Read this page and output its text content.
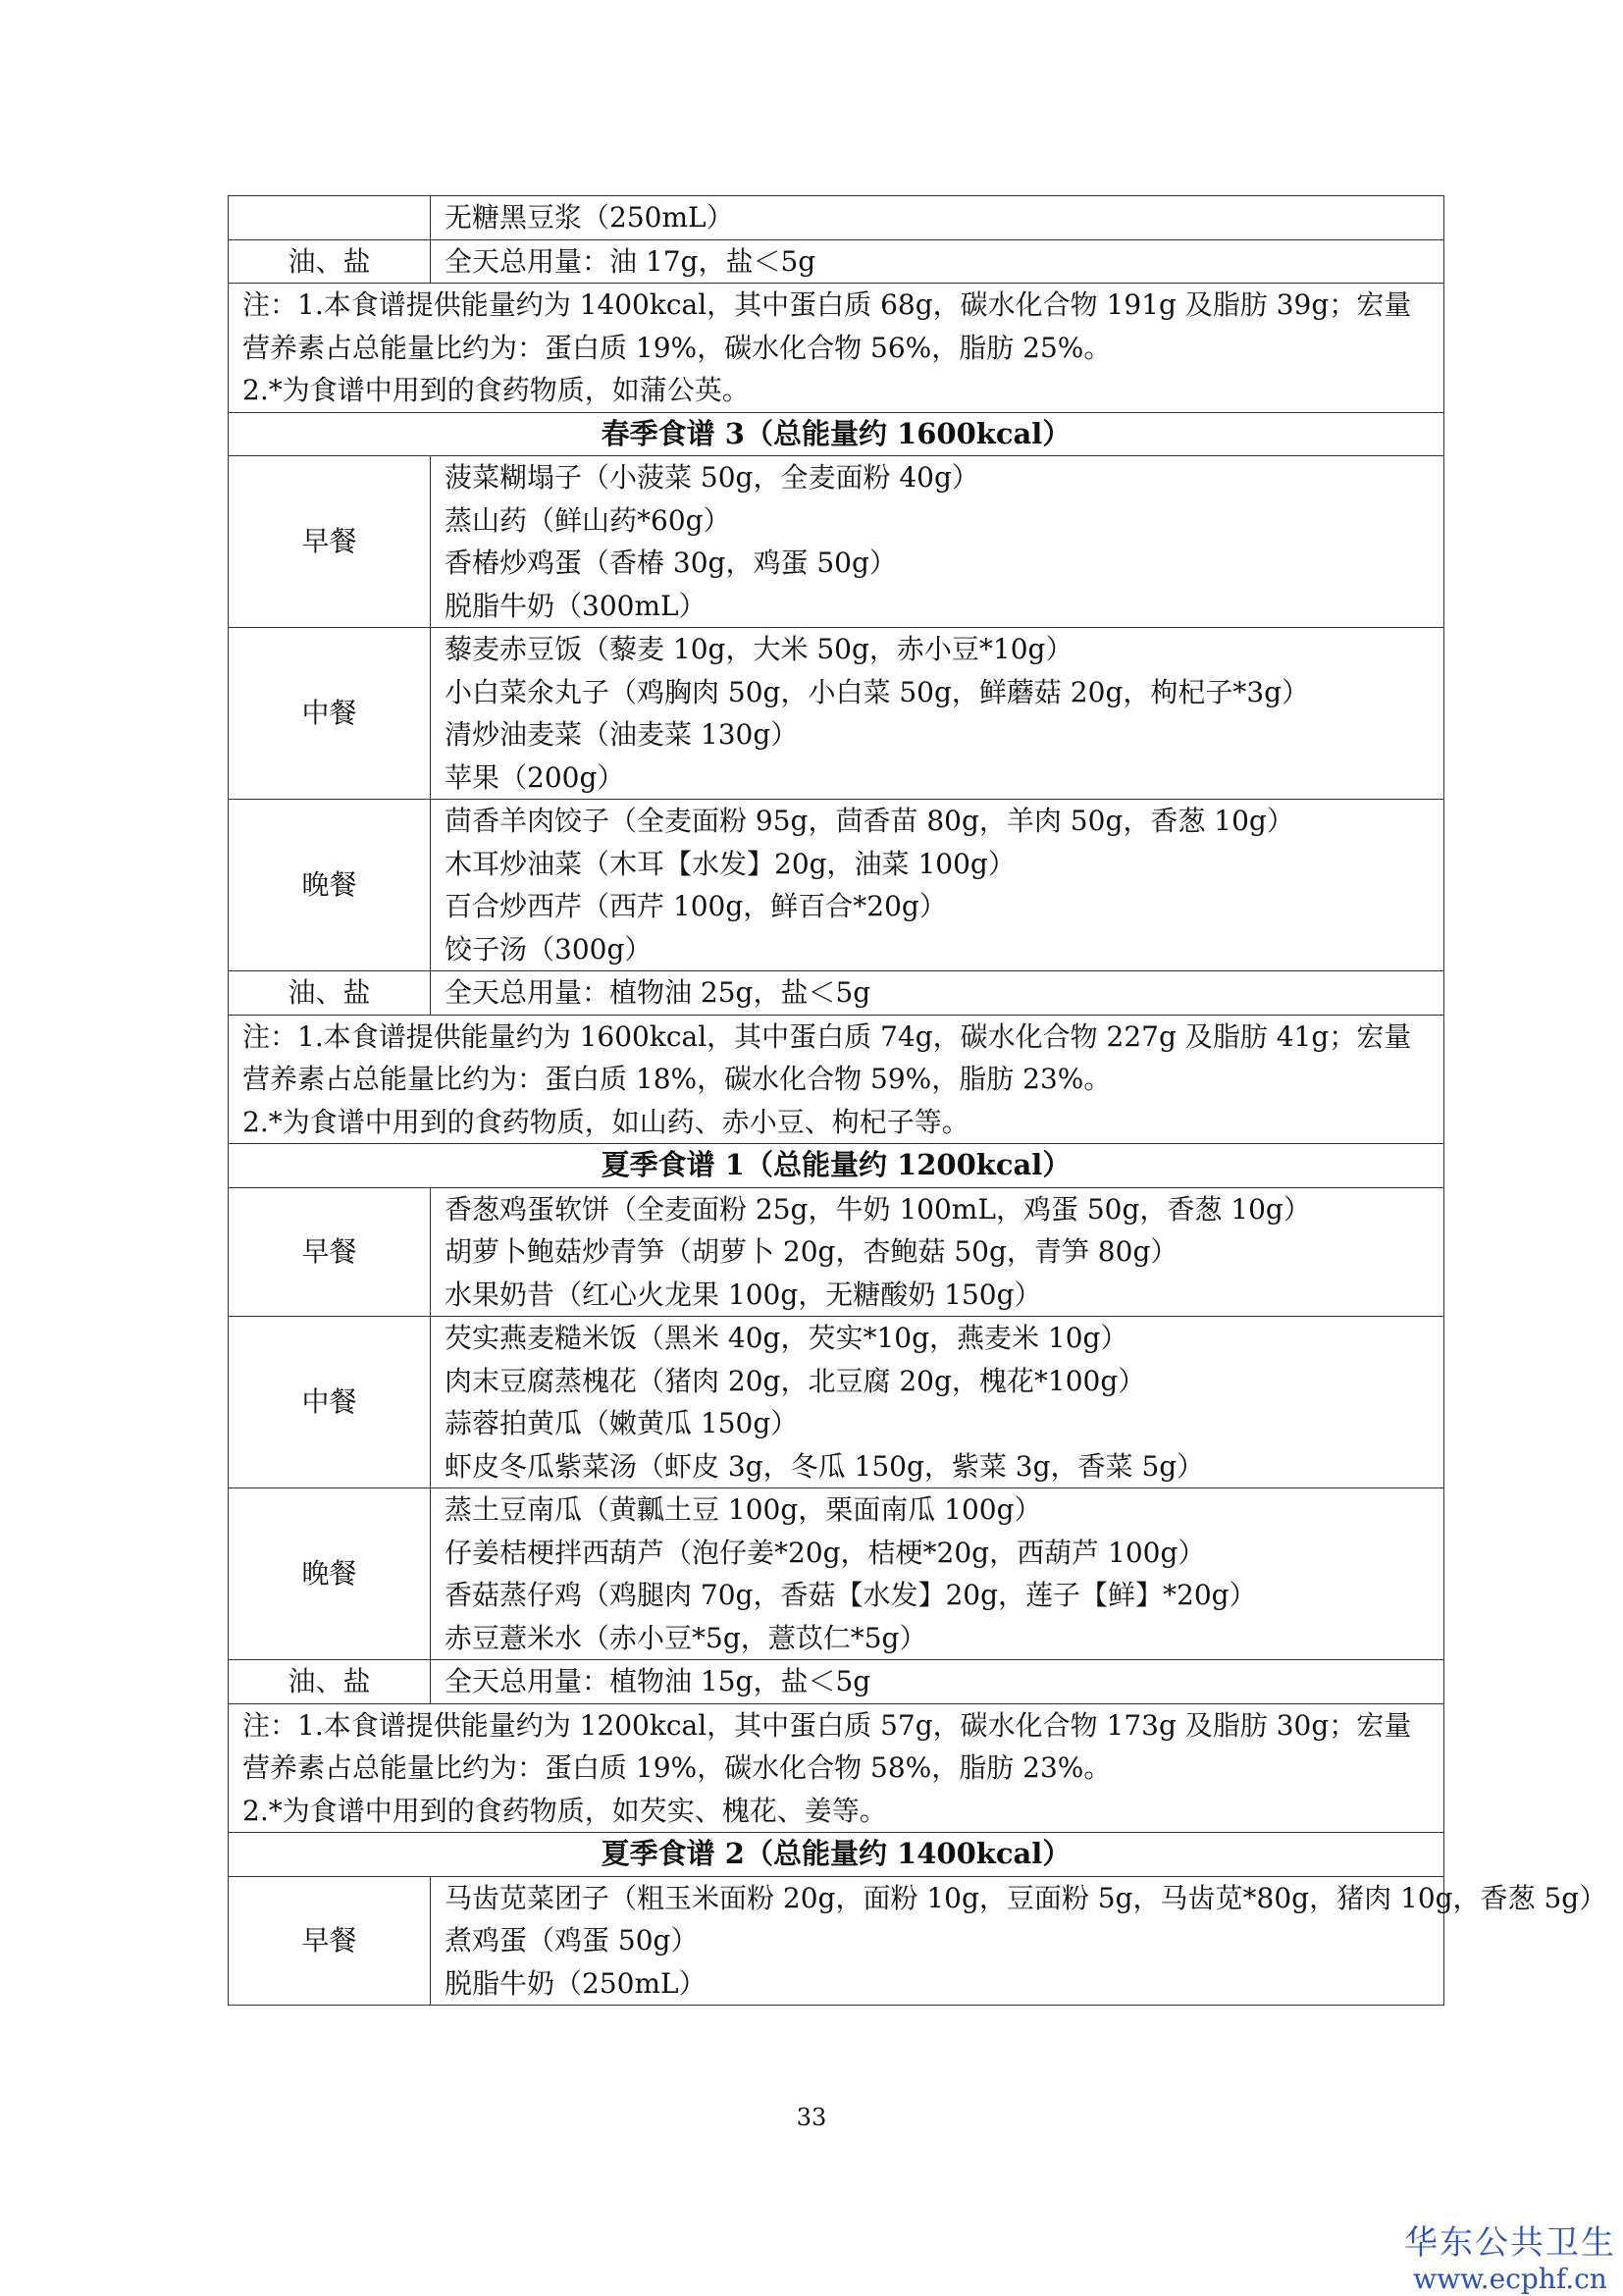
	无糖黑豆浆（250mL）

油、盐	全天总用量：油 17g，盐＜5g

注：1.本食谱提供能量约为 1400kcal，其中蛋白质 68g，碳水化合物 191g 及脂肪 39g；宏量营养素占总能量比约为：蛋白质 19%，碳水化合物 56%，脂肪 25%。
2.*为食谱中用到的食药物质，如蒲公英。	

春季食谱 3（总能量约 1600kcal）	
早餐	菠菜糊塌子（小菠菜 50g，全麦面粉 40g）
蒸山药（鲜山药*60g）
香椿炒鸡蛋（香椿 30g，鸡蛋 50g）
脱脂牛奶（300mL）

中餐	藜麦赤豆饭（藜麦 10g，大米 50g，赤小豆*10g）
小白菜氽丸子（鸡胸肉 50g，小白菜 50g，鲜蘑菇 20g，枸杞子*3g）
清炒油麦菜（油麦菜 130g）
苹果（200g）

晚餐	茴香羊肉饺子（全麦面粉 95g，茴香苗 80g，羊肉 50g，香葱 10g）
木耳炒油菜（木耳【水发】20g，油菜 100g）
百合炒西芹（西芹 100g，鲜百合*20g）
饺子汤（300g）

油、盐	全天总用量：植物油 25g，盐＜5g

注：1.本食谱提供能量约为 1600kcal，其中蛋白质 74g，碳水化合物 227g 及脂肪 41g；宏量营养素占总能量比约为：蛋白质 18%，碳水化合物 59%，脂肪 23%。
2.*为食谱中用到的食药物质，如山药、赤小豆、枸杞子等。	

夏季食谱 1（总能量约 1200kcal）	
早餐	香葱鸡蛋软饼（全麦面粉 25g，牛奶 100mL，鸡蛋 50g，香葱 10g）
胡萝卜鲍菇炒青笋（胡萝卜 20g，杏鲍菇 50g，青笋 80g）
水果奶昔（红心火龙果 100g，无糖酸奶 150g）

中餐	芡实燕麦糙米饭（黑米 40g，芡实*10g，燕麦米 10g）
肉末豆腐蒸槐花（猪肉 20g，北豆腐 20g，槐花*100g）
蒜蓉拍黄瓜（嫩黄瓜 150g）
虾皮冬瓜紫菜汤（虾皮 3g，冬瓜 150g，紫菜 3g，香菜 5g）

晚餐	蒸土豆南瓜（黄瓤土豆 100g，栗面南瓜 100g）
仔姜桔梗拌西葫芦（泡仔姜*20g，桔梗*20g，西葫芦 100g）
香菇蒸仔鸡（鸡腿肉 70g，香菇【水发】20g，莲子【鲜】*20g）
赤豆薏米水（赤小豆*5g，薏苡仁*5g）

油、盐	全天总用量：植物油 15g，盐＜5g

注：1.本食谱提供能量约为 1200kcal，其中蛋白质 57g，碳水化合物 173g 及脂肪 30g；宏量营养素占总能量比约为：蛋白质 19%，碳水化合物 58%，脂肪 23%。
2.*为食谱中用到的食药物质，如芡实、槐花、姜等。	

夏季食谱 2（总能量约 1400kcal）	
早餐	马齿苋菜团子（粗玉米面粉 20g，面粉 10g，豆面粉 5g，马齿苋*80g，猪肉 10g，香葱 5g）
煮鸡蛋（鸡蛋 50g）
脱脂牛奶（250mL）
33
华东公共卫生
www.ecphf.cn
